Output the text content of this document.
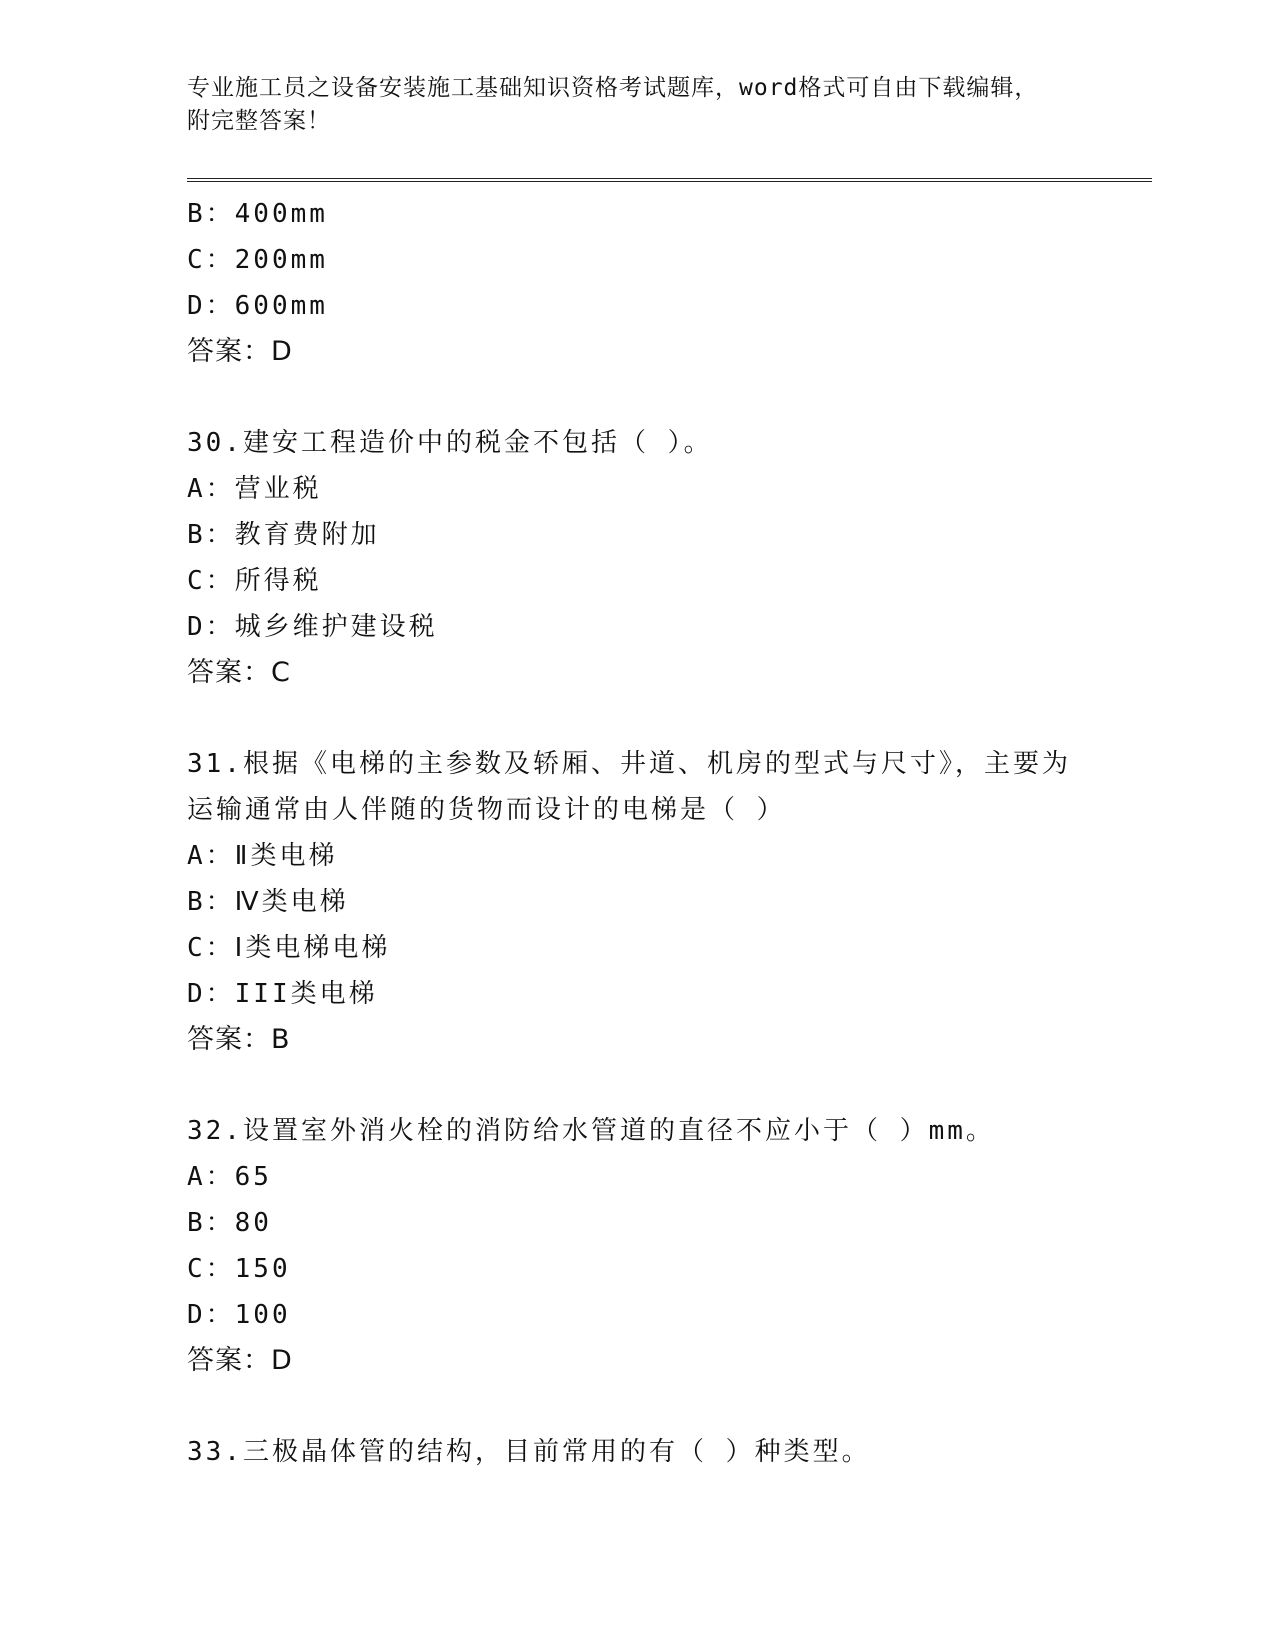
专业施工员之设备安装施工基础知识资格考试题库，word格式可自由下载编辑，
附完整答案！
B：400mm
C：200mm
D：600mm
答案：D
30.建安工程造价中的税金不包括（ ）。
A：营业税
B：教育费附加
C：所得税
D：城乡维护建设税
答案：C
31.根据《电梯的主参数及轿厢、井道、机房的型式与尺寸》，主要为
运输通常由人伴随的货物而设计的电梯是（ ）
A：Ⅱ类电梯
B：Ⅳ类电梯
C：Ⅰ类电梯电梯
D：III类电梯
答案：B
32.设置室外消火栓的消防给水管道的直径不应小于（ ）mm。
A：65
B：80
C：150
D：100
答案：D
33.三极晶体管的结构，目前常用的有（ ）种类型。
